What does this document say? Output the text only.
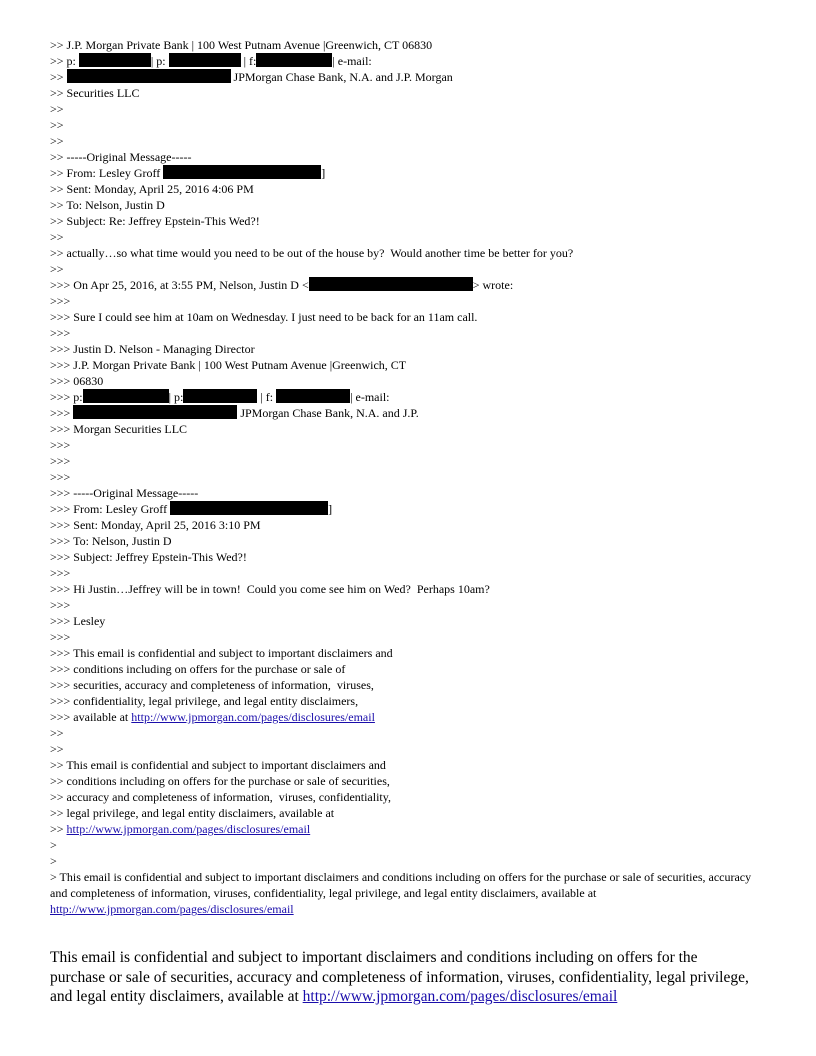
>> J.P. Morgan Private Bank | 100 West Putnam Avenue |Greenwich, CT 06830
>> p:	| p:	| f:	| e-mail:
>>	JPMorgan Chase Bank, N.A. and J.P. Morgan
>> Securities LLC
>>
>>
>>
>> -----Original Message-----
>> From: Lesley Groff	]
>> Sent: Monday, April 25, 2016 4:06 PM
>> To: Nelson, Justin D
>> Subject: Re: Jeffrey Epstein-This Wed?!
>>
>> actually…so what time would you need to be out of the house by?  Would another time be better for you?
>>
>>> On Apr 25, 2016, at 3:55 PM, Nelson, Justin D <	> wrote:
>>>
>>> Sure I could see him at 10am on Wednesday. I just need to be back for an 11am call.
>>>
>>> Justin D. Nelson - Managing Director
>>> J.P. Morgan Private Bank | 100 West Putnam Avenue |Greenwich, CT
>>> 06830
>>> p:	| p:	| f:	| e-mail:
>>>	JPMorgan Chase Bank, N.A. and J.P.
>>> Morgan Securities LLC
>>>
>>>
>>>
>>> -----Original Message-----
>>> From: Lesley Groff	]
>>> Sent: Monday, April 25, 2016 3:10 PM
>>> To: Nelson, Justin D
>>> Subject: Jeffrey Epstein-This Wed?!
>>>
>>> Hi Justin…Jeffrey will be in town!  Could you come see him on Wed?  Perhaps 10am?
>>>
>>> Lesley
>>>
>>> This email is confidential and subject to important disclaimers and
>>> conditions including on offers for the purchase or sale of
>>> securities, accuracy and completeness of information,  viruses,
>>> confidentiality, legal privilege, and legal entity disclaimers,
>>> available at http://www.jpmorgan.com/pages/disclosures/email
>>
>>
>> This email is confidential and subject to important disclaimers and
>> conditions including on offers for the purchase or sale of securities,
>> accuracy and completeness of information,  viruses, confidentiality,
>> legal privilege, and legal entity disclaimers, available at
>> http://www.jpmorgan.com/pages/disclosures/email
>
>
> This email is confidential and subject to important disclaimers and conditions including on offers for the purchase or sale of securities, accuracy and completeness of information, viruses, confidentiality, legal privilege, and legal entity disclaimers, available at
http://www.jpmorgan.com/pages/disclosures/email
This email is confidential and subject to important disclaimers and conditions including on offers for the purchase or sale of securities, accuracy and completeness of information, viruses, confidentiality, legal privilege, and legal entity disclaimers, available at http://www.jpmorgan.com/pages/disclosures/email
